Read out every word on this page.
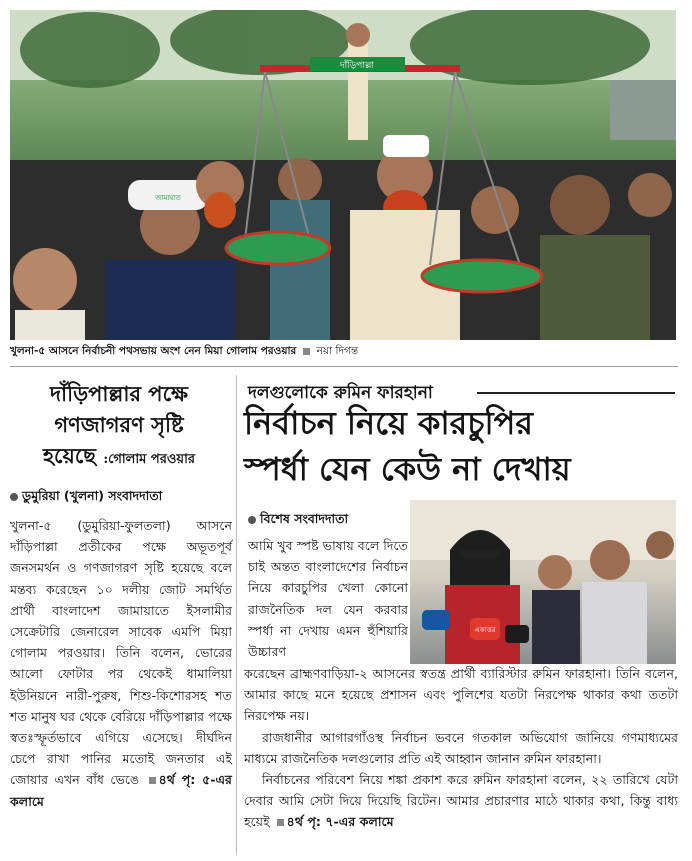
দাঁড়িপাল্লা
জামায়াত
খুলনা-৫ আসনে নির্বাচনী পথসভায় অংশ নেন মিয়া গোলাম পরওয়ার নয়া দিগন্ত
দাঁড়িপাল্লার পক্ষে
গণজাগরণ সৃষ্টি
হয়েছে :গোলাম পরওয়ার
ডুমুরিয়া (খুলনা) সংবাদদাতা
খুলনা-৫ (ডুমুরিয়া-ফুলতলা) আসনে দাঁড়িপাল্লা প্রতীকের পক্ষে অভূতপূর্ব জনসমর্থন ও গণজাগরণ সৃষ্টি হয়েছে বলে মন্তব্য করেছেন ১০ দলীয় জোট সমর্থিত প্রার্থী বাংলাদেশ জামায়াতে ইসলামীর সেক্রেটারি জেনারেল সাবেক এমপি মিয়া গোলাম পরওয়ার। তিনি বলেন, ভোরের আলো ফোটার পর থেকেই ধামালিয়া ইউনিয়নে নারী-পুরুষ, শিশু-কিশোরসহ শত শত মানুষ ঘর থেকে বেরিয়ে দাঁড়িপাল্লার পক্ষে স্বতঃস্ফূর্তভাবে এগিয়ে এসেছে। দীর্ঘদিন চেপে রাখা পানির মতোই জনতার এই জোয়ার এখন বাঁধ ভেঙে ৪র্থ পৃ: ৫-এর কলামে
দলগুলোকে রুমিন ফারহানা
নির্বাচন নিয়ে কারচুপির
স্পর্ধা যেন কেউ না দেখায়
বিশেষ সংবাদদাতা
একাত্তর
আমি খুব স্পষ্ট ভাষায় বলে দিতে চাই অন্তত বাংলাদেশের নির্বাচন নিয়ে কারচুপির খেলা কোনো রাজনৈতিক দল যেন করবার স্পর্ধা না দেখায় এমন হুঁশিয়ারি উচ্চারণ

করেছেন ব্রাহ্মণবাড়িয়া-২ আসনের স্বতন্ত্র প্রার্থী ব্যারিস্টার রুমিন ফারহানা। তিনি বলেন, আমার কাছে মনে হয়েছে প্রশাসন এবং পুলিশের যতটা নিরপেক্ষ থাকার কথা ততটা নিরপেক্ষ নয়।

রাজধানীর আগারগাঁওস্থ নির্বাচন ভবনে গতকাল অভিযোগ জানিয়ে গণমাধ্যমের মাধ্যমে রাজনৈতিক দলগুলোর প্রতি এই আহ্বান জানান রুমিন ফারহানা।

নির্বাচনের পরিবেশ নিয়ে শঙ্কা প্রকাশ করে রুমিন ফারহানা বলেন, ২২ তারিখে যেটা দেবার আমি সেটা দিয়ে দিয়েছি রিটেন। আমার প্রচারণার মাঠে থাকার কথা, কিন্তু বাধ্য হয়েই ৪র্থ পৃ: ৭-এর কলামে
